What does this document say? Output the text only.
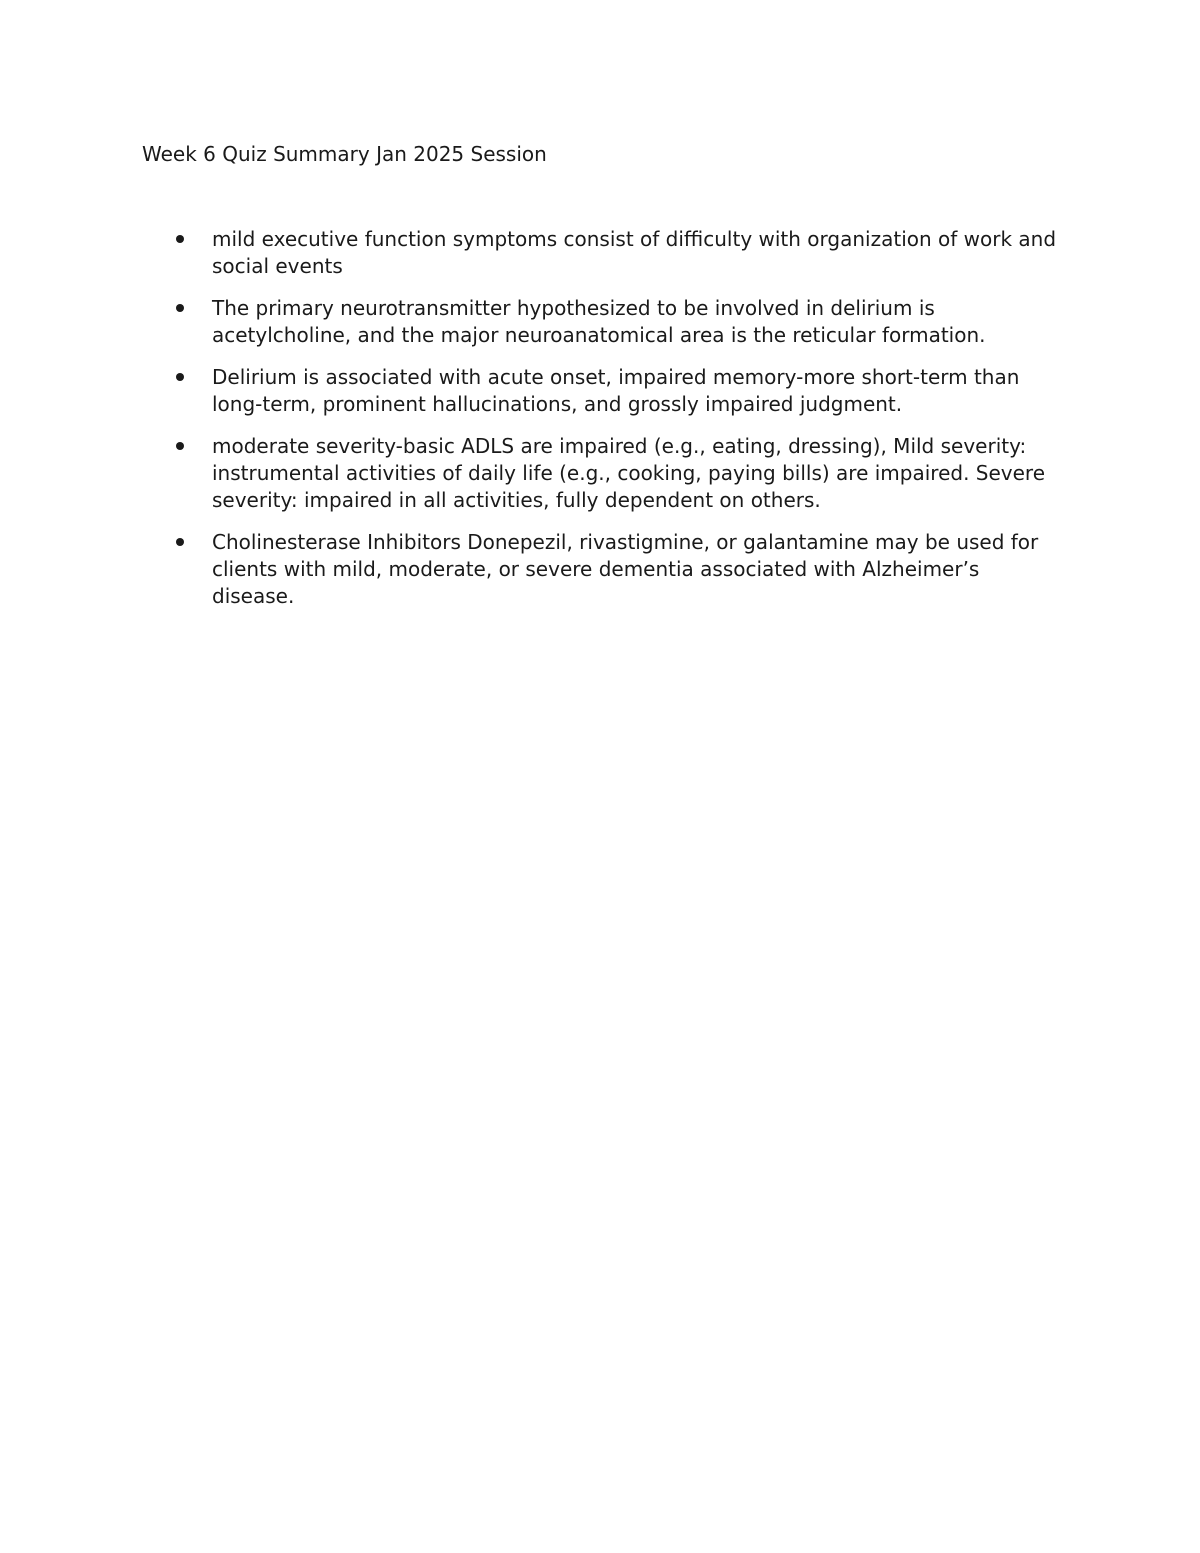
Week 6 Quiz Summary Jan 2025 Session
mild executive function symptoms consist of difficulty with organization of work and social events
The primary neurotransmitter hypothesized to be involved in delirium is acetylcholine, and the major neuroanatomical area is the reticular formation.
Delirium is associated with acute onset, impaired memory-more short-term than long-term, prominent hallucinations, and grossly impaired judgment.
moderate severity-basic ADLS are impaired (e.g., eating, dressing), Mild severity: instrumental activities of daily life (e.g., cooking, paying bills) are impaired. Severe severity: impaired in all activities, fully dependent on others.
Cholinesterase Inhibitors Donepezil, rivastigmine, or galantamine may be used for clients with mild, moderate, or severe dementia associated with Alzheimer’s disease.
